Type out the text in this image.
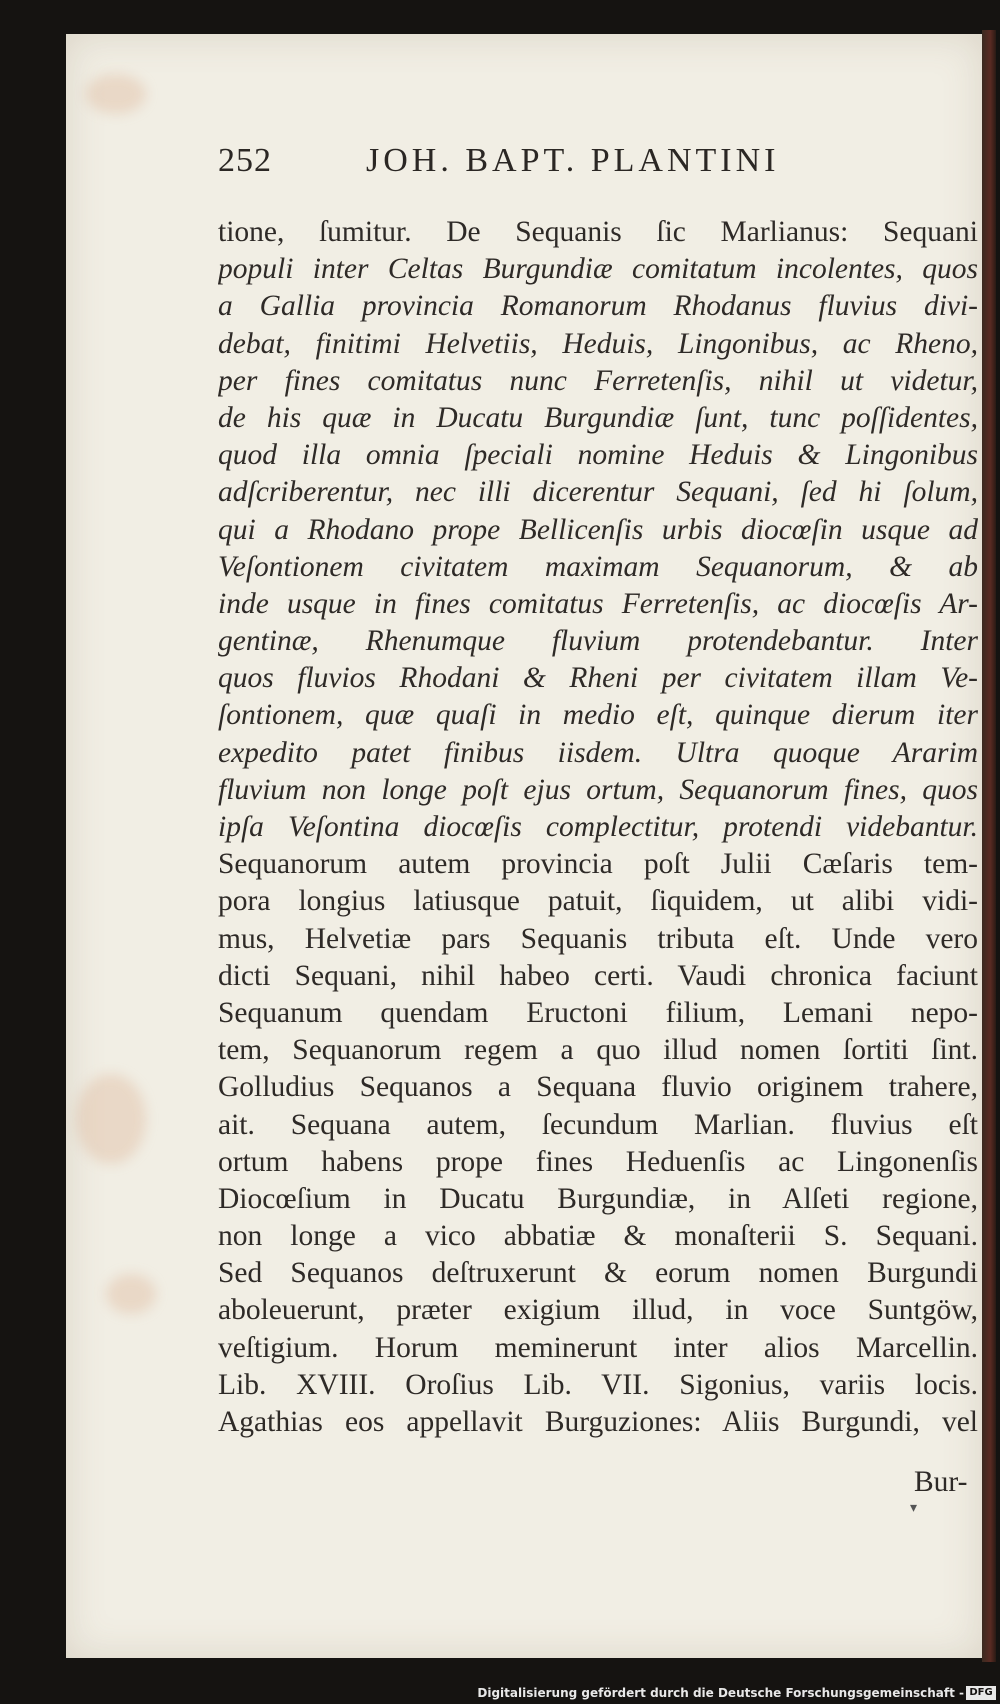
252	JOH. BAPT. PLANTINI
tione, ſumitur. De Sequanis ſic Marlianus: Sequani
populi inter Celtas Burgundiæ comitatum incolentes, quos
a Gallia provincia Romanorum Rhodanus fluvius divi-
debat, finitimi Helvetiis, Heduis, Lingonibus, ac Rheno,
per fines comitatus nunc Ferretenſis, nihil ut videtur,
de his quæ in Ducatu Burgundiæ ſunt, tunc poſſidentes,
quod illa omnia ſpeciali nomine Heduis & Lingonibus
adſcriberentur, nec illi dicerentur Sequani, ſed hi ſolum,
qui a Rhodano prope Bellicenſis urbis diocœſin usque ad
Veſontionem civitatem maximam Sequanorum, & ab
inde usque in fines comitatus Ferretenſis, ac diocœſis Ar-
gentinæ, Rhenumque fluvium protendebantur. Inter
quos fluvios Rhodani & Rheni per civitatem illam Ve-
ſontionem, quæ quaſi in medio eſt, quinque dierum iter
expedito patet finibus iisdem. Ultra quoque Ararim
fluvium non longe poſt ejus ortum, Sequanorum fines, quos
ipſa Veſontina diocœſis complectitur, protendi videbantur.
Sequanorum autem provincia poſt Julii Cæſaris tem-
pora longius latiusque patuit, ſiquidem, ut alibi vidi-
mus, Helvetiæ pars Sequanis tributa eſt. Unde vero
dicti Sequani, nihil habeo certi. Vaudi chronica faciunt
Sequanum quendam Eructoni filium, Lemani nepo-
tem, Sequanorum regem a quo illud nomen ſortiti ſint.
Golludius Sequanos a Sequana fluvio originem trahere,
ait. Sequana autem, ſecundum Marlian. fluvius eſt
ortum habens prope fines Heduenſis ac Lingonenſis
Diocœſium in Ducatu Burgundiæ, in Alſeti regione,
non longe a vico abbatiæ & monaſterii S. Sequani.
Sed Sequanos deſtruxerunt & eorum nomen Burgundi
aboleuerunt, præter exigium illud, in voce Suntgöw,
veſtigium. Horum meminerunt inter alios Marcellin.
Lib. XVIII. Oroſius Lib. VII. Sigonius, variis locis.
Agathias eos appellavit Burguziones: Aliis Burgundi, vel
Bur-
▾
Digitalisierung gefördert durch die Deutsche Forschungsgemeinschaft - DFG
